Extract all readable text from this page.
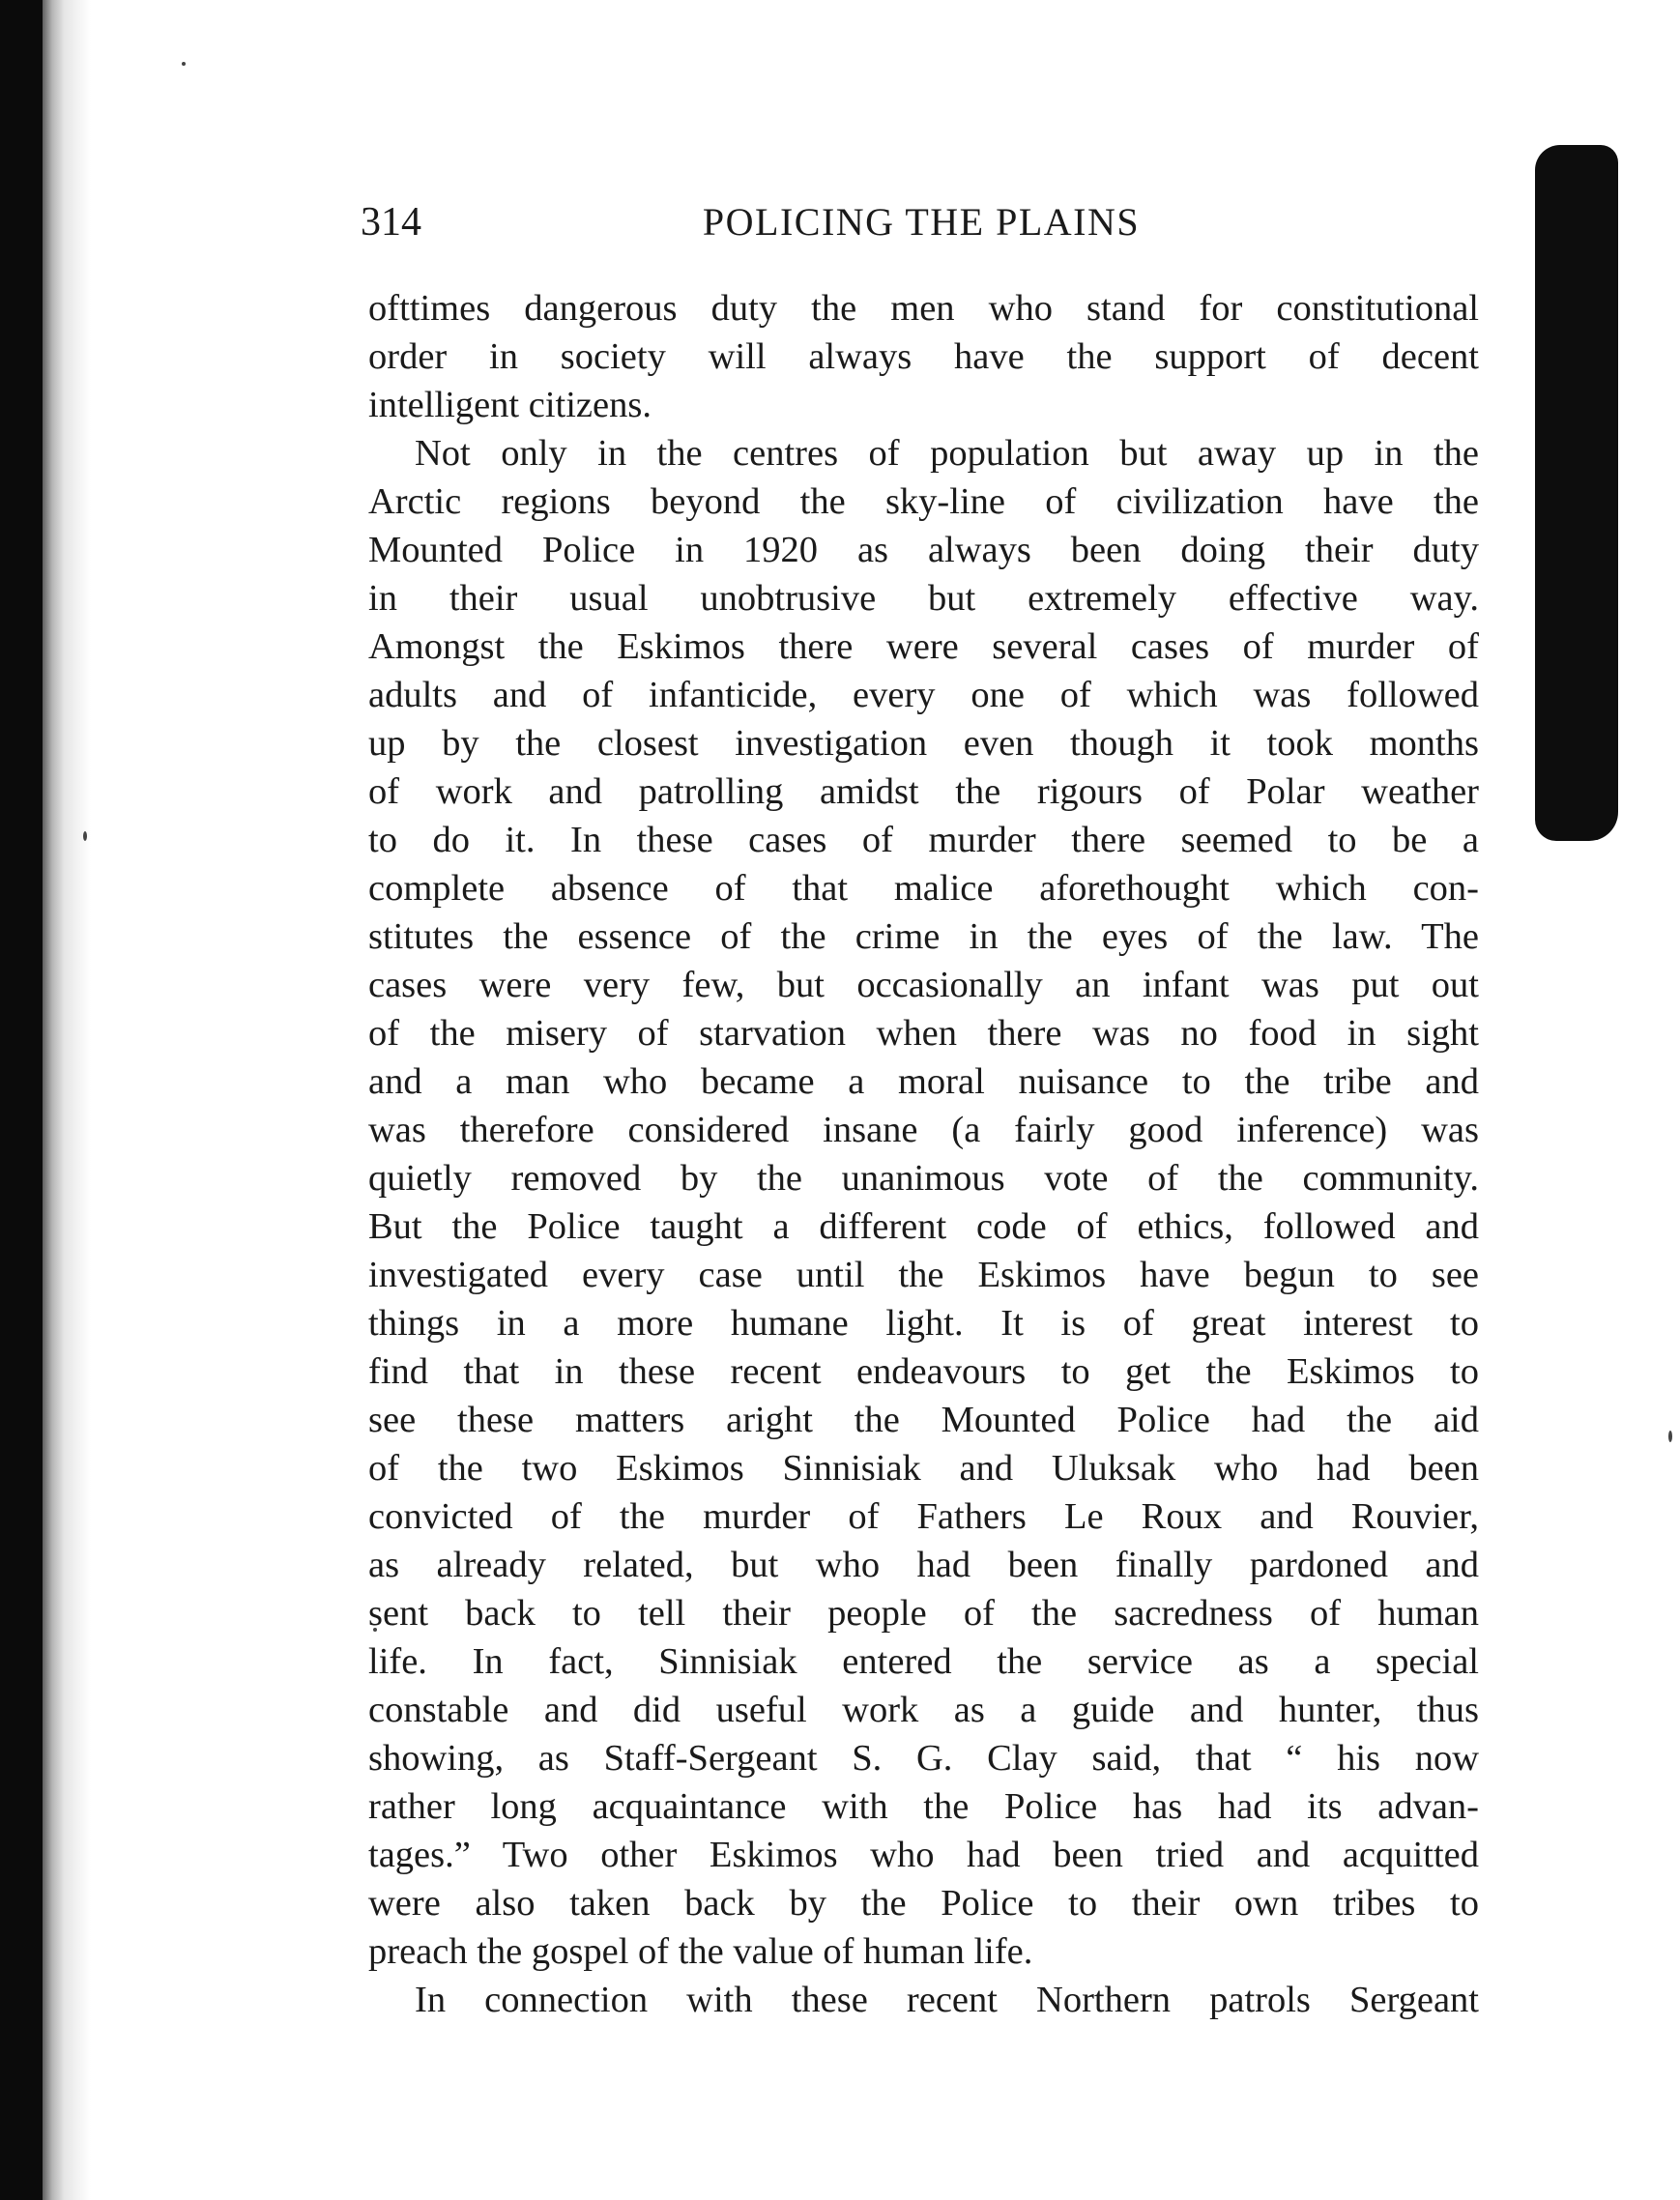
314	POLICING THE PLAINS
ofttimes dangerous duty the men who stand for constitutional
order in society will always have the support of decent
intelligent citizens.
Not only in the centres of population but away up in the
Arctic regions beyond the sky-line of civilization have the
Mounted Police in 1920 as always been doing their duty
in their usual unobtrusive but extremely effective way.
Amongst the Eskimos there were several cases of murder of
adults and of infanticide, every one of which was followed
up by the closest investigation even though it took months
of work and patrolling amidst the rigours of Polar weather
to do it. In these cases of murder there seemed to be a
complete absence of that malice aforethought which con-
stitutes the essence of the crime in the eyes of the law. The
cases were very few, but occasionally an infant was put out
of the misery of starvation when there was no food in sight
and a man who became a moral nuisance to the tribe and
was therefore considered insane (a fairly good inference) was
quietly removed by the unanimous vote of the community.
But the Police taught a different code of ethics, followed and
investigated every case until the Eskimos have begun to see
things in a more humane light. It is of great interest to
find that in these recent endeavours to get the Eskimos to
see these matters aright the Mounted Police had the aid
of the two Eskimos Sinnisiak and Uluksak who had been
convicted of the murder of Fathers Le Roux and Rouvier,
as already related, but who had been finally pardoned and
sent back to tell their people of the sacredness of human
life. In fact, Sinnisiak entered the service as a special
constable and did useful work as a guide and hunter, thus
showing, as Staff-Sergeant S. G. Clay said, that “ his now
rather long acquaintance with the Police has had its advan-
tages.” Two other Eskimos who had been tried and acquitted
were also taken back by the Police to their own tribes to
preach the gospel of the value of human life.
In connection with these recent Northern patrols Sergeant
